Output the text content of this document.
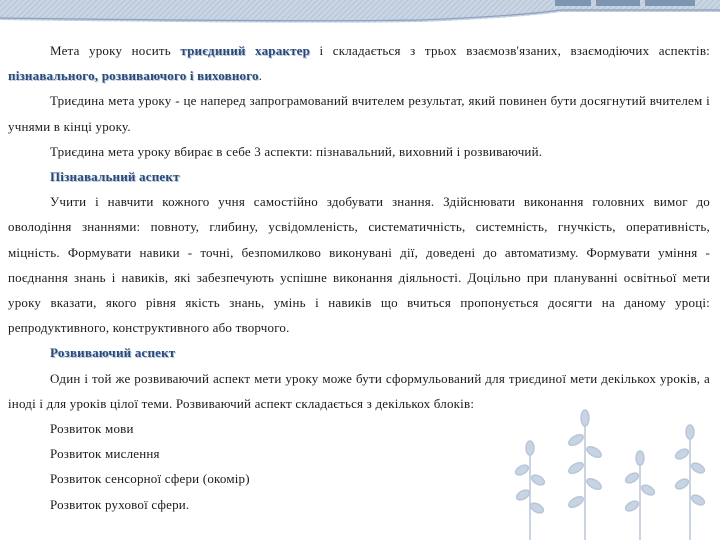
Мета уроку носить триєдиний характер і складається з трьох взаємозв'язаних, взаємодіючих аспектів: пізнавального, розвиваючого і виховного.

Триєдина мета уроку - це наперед запрограмований вчителем результат, який повинен бути досягнутий вчителем і учнями в кінці уроку.

Триєдина мета уроку вбирає в себе 3 аспекти: пізнавальний, виховний і розвиваючий.

Пізнавальний аспект

Учити і навчити кожного учня самостійно здобувати знання. Здійснювати виконання головних вимог до оволодіння знаннями: повноту, глибину, усвідомленість, систематичність, системність, гнучкість, оперативність, міцність. Формувати навики - точні, безпомилково виконувані дії, доведені до автоматизму. Формувати уміння - поєднання знань і навиків, які забезпечують успішне виконання діяльності. Доцільно при плануванні освітньої мети уроку вказати, якого рівня якість знань, умінь і навиків що вчиться пропонується досягти на даному уроці: репродуктивного, конструктивного або творчого.

Розвиваючий аспект

Один і той же розвиваючий аспект мети уроку може бути сформульований для триєдиної мети декількох уроків, а іноді і для уроків цілої теми. Розвиваючий аспект складається з декількох блоків:

Розвиток мови

Розвиток мислення

Розвиток сенсорної сфери (окомір)

Розвиток рухової сфери.
